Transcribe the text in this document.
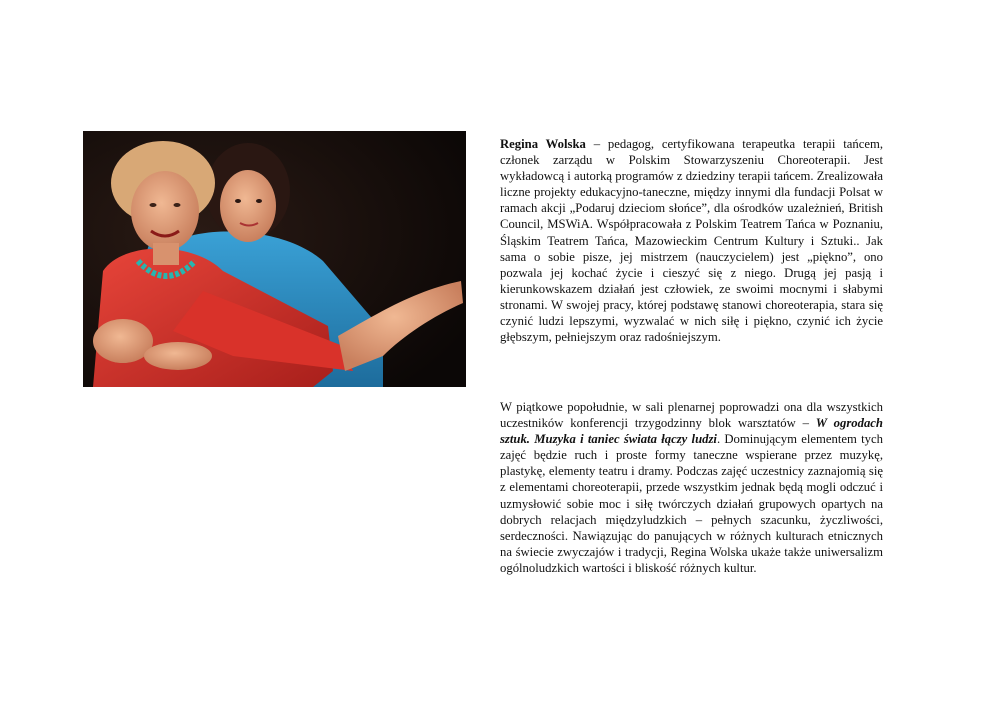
Regina Wolska – pedagog, certyfikowana terapeutka terapii tańcem, członek zarządu w Polskim Stowarzyszeniu Choreoterapii. Jest wykładowcą i autorką programów z dziedziny terapii tańcem. Zrealizowała liczne projekty edukacyjno-taneczne, między innymi dla fundacji Polsat w ramach akcji „Podaruj dzieciom słońce”, dla ośrodków uzależnień, British Council, MSWiA. Współpracowała z Polskim Teatrem Tańca w Poznaniu, Śląskim Teatrem Tańca, Mazowieckim Centrum Kultury i Sztuki.. Jak sama o sobie pisze, jej mistrzem (nauczycielem) jest „piękno”, ono pozwala jej kochać życie i cieszyć się z niego. Drugą jej pasją i kierunkowskazem działań jest człowiek, ze swoimi mocnymi i słabymi stronami. W swojej pracy, której podstawę stanowi choreoterapia, stara się czynić ludzi lepszymi, wyzwalać w nich siłę i piękno, czynić ich życie głębszym, pełniejszym oraz radośniejszym.
W piątkowe popołudnie, w sali plenarnej poprowadzi ona dla wszystkich uczestników konferencji trzygodzinny blok warsztatów – W ogrodach sztuk. Muzyka i taniec świata łączy ludzi. Dominującym elementem tych zajęć będzie ruch i proste formy taneczne wspierane przez muzykę, plastykę, elementy teatru i dramy. Podczas zajęć uczestnicy zaznajomią się z elementami choreoterapii, przede wszystkim jednak będą mogli odczuć i uzmysłowić sobie moc i siłę twórczych działań grupowych opartych na dobrych relacjach międzyludzkich – pełnych szacunku, życzliwości, serdeczności. Nawiązując do panujących w różnych kulturach etnicznych na świecie zwyczajów i tradycji, Regina Wolska ukaże także uniwersalizm ogólnoludzkich wartości i bliskość różnych kultur.
